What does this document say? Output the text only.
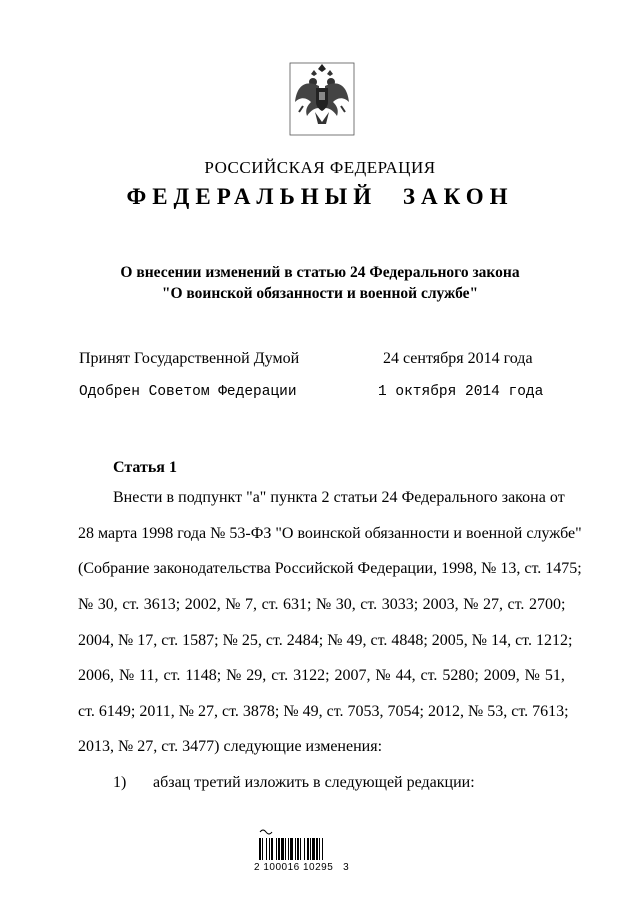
РОССИЙСКАЯ ФЕДЕРАЦИЯ
ФЕДЕРАЛЬНЫЙ ЗАКОН
О внесении изменений в статью 24 Федерального закона
"О воинской обязанности и военной службе"
Принят Государственной Думой	24 сентября 2014 года
Одобрен Советом Федерации	1 октября 2014 года
Статья 1
Внести в подпункт "а" пункта 2 статьи 24 Федерального закона от
28 марта 1998 года № 53-ФЗ "О воинской обязанности и военной службе"
(Собрание законодательства Российской Федерации, 1998, № 13, ст. 1475;
№ 30, ст. 3613; 2002, № 7, ст. 631; № 30, ст. 3033; 2003, № 27, ст. 2700;
2004, № 17, ст. 1587; № 25, ст. 2484; № 49, ст. 4848; 2005, № 14, ст. 1212;
2006, № 11, ст. 1148; № 29, ст. 3122; 2007, № 44, ст. 5280; 2009, № 51,
ст. 6149; 2011, № 27, ст. 3878; № 49, ст. 7053, 7054; 2012, № 53, ст. 7613;
2013, № 27, ст. 3477) следующие изменения:
1) абзац третий изложить в следующей редакции:
2 100016 10295   3
